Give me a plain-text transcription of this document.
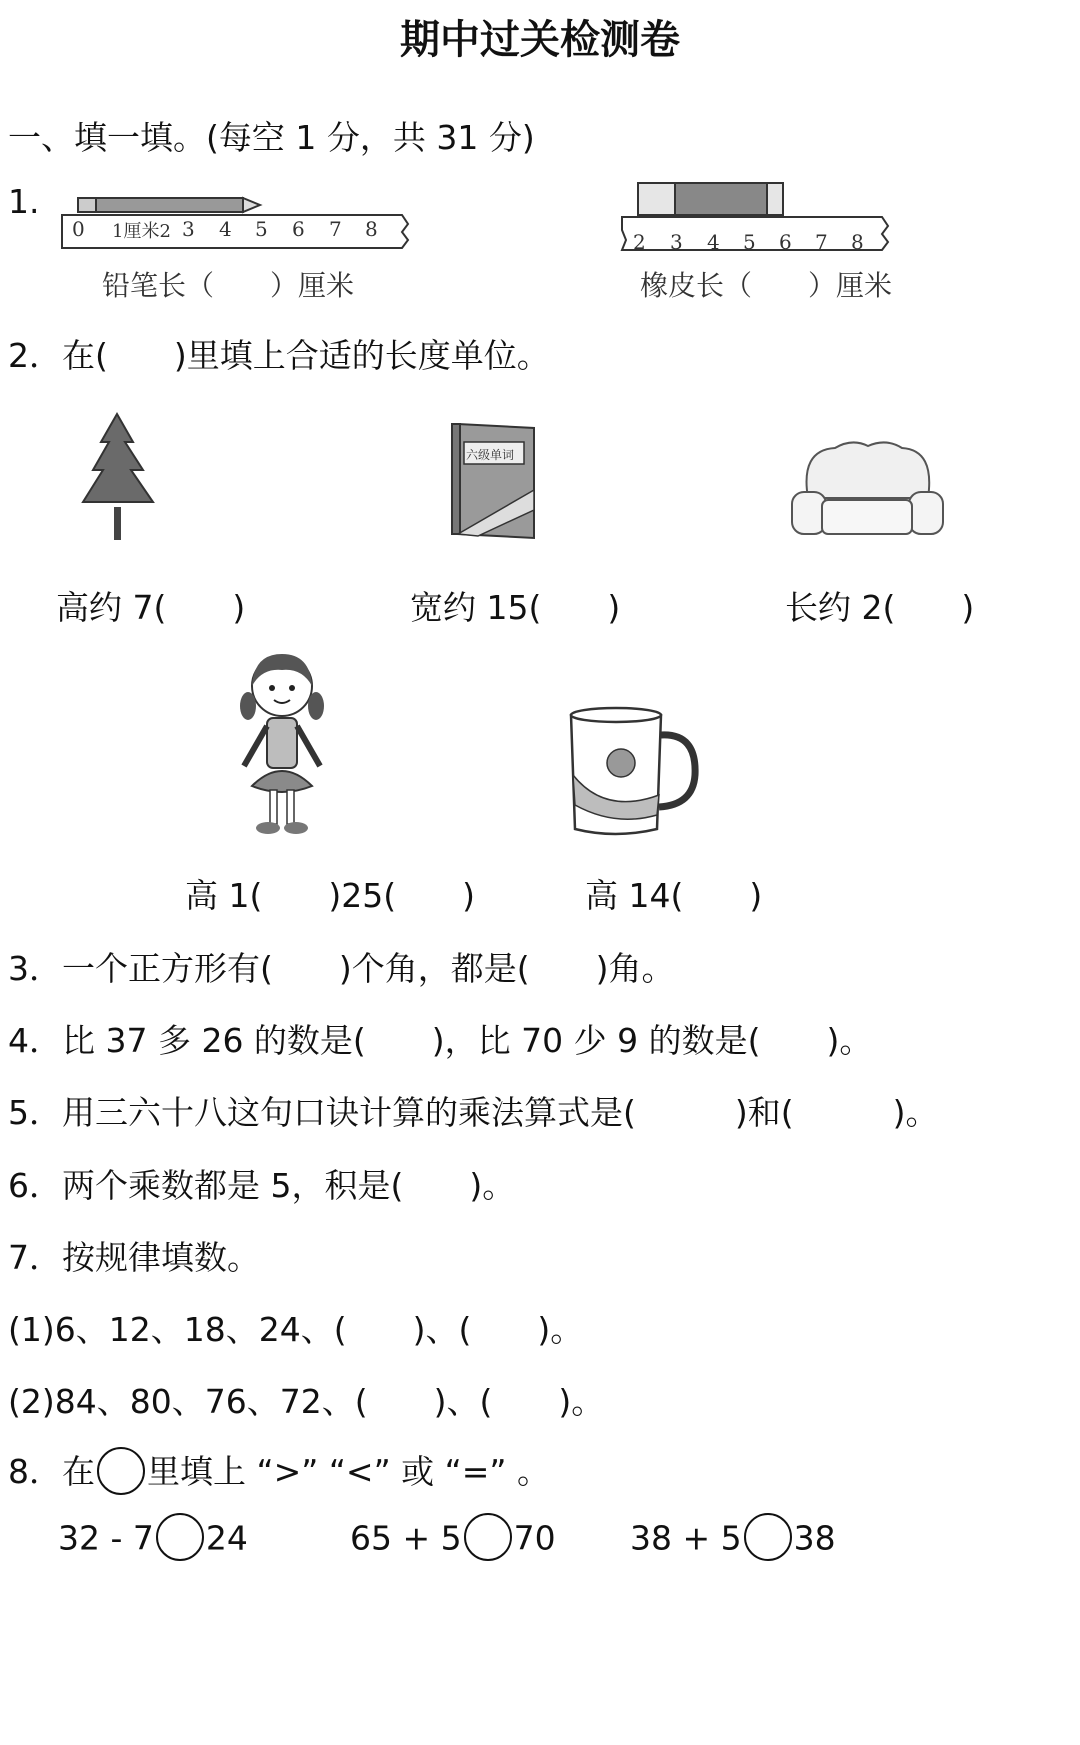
期中过关检测卷
一、填一填。(每空 1 分，共 31 分)
1.
0 1厘米2 3 4 5 6 7 8
铅笔长（　　）厘米
2 3 4 5 6 7 8
橡皮长（　　）厘米
2．在(　　)里填上合适的长度单位。
高约 7(　　)
六级单词
宽约 15(　　)	长约 2(　　)
高 1(　　)25(　　)	高 14(　　)
3．一个正方形有(　　)个角，都是(　　)角。
4．比 37 多 26 的数是(　　)，比 70 少 9 的数是(　　)。
5．用三六十八这句口诀计算的乘法算式是(　　　)和(　　　)。
6．两个乘数都是 5，积是(　　)。
7．按规律填数。
(1)6、12、18、24、(　　)、(　　)。
(2)84、80、76、72、(　　)、(　　)。
8．在 里填上 “>” “<” 或 “=” 。
32 - 7 24	65 + 5 70 38 + 5 38
